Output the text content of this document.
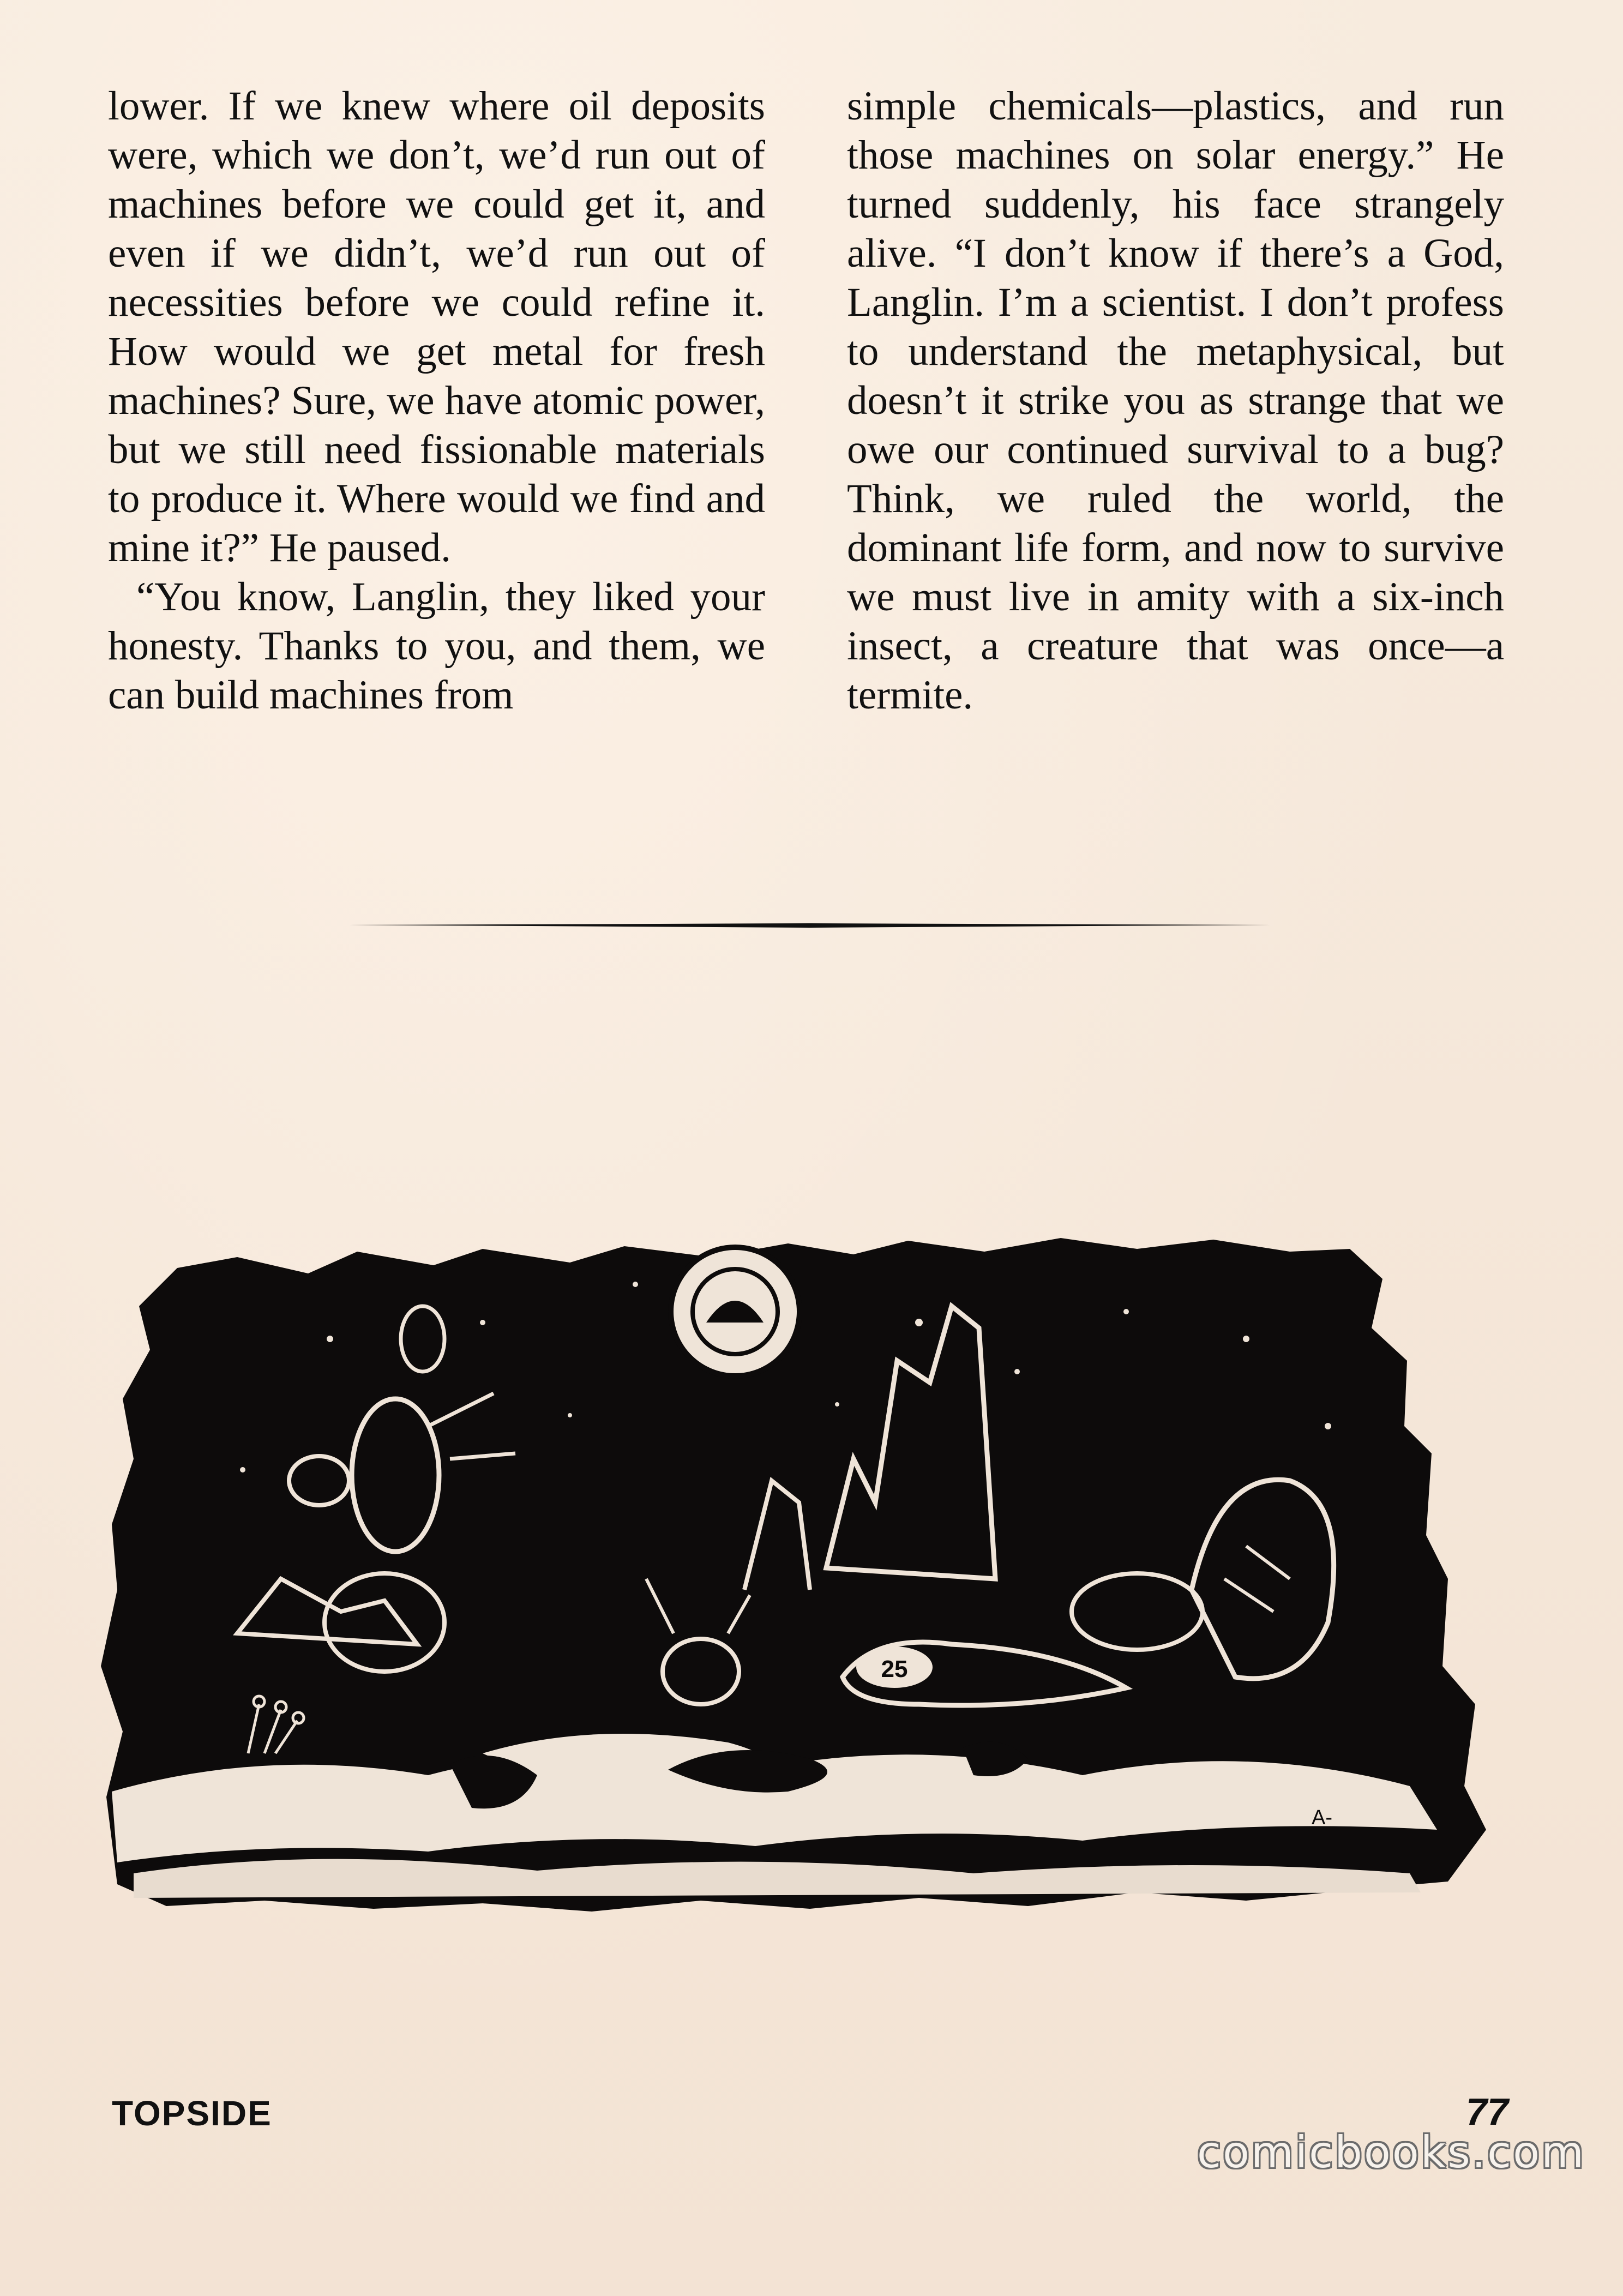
lower. If we knew where oil deposits were, which we don’t, we’d run out of machines before we could get it, and even if we didn’t, we’d run out of necessities before we could refine it. How would we get metal for fresh machines? Sure, we have atomic power, but we still need fissionable materials to produce it. Where would we find and mine it?” He paused.

“You know, Langlin, they liked your honesty. Thanks to you, and them, we can build machines from

simple chemicals—plastics, and run those machines on solar energy.” He turned suddenly, his face strangely alive. “I don’t know if there’s a God, Langlin. I’m a scientist. I don’t profess to understand the metaphysical, but doesn’t it strike you as strange that we owe our continued survival to a bug? Think, we ruled the world, the dominant life form, and now to survive we must live in amity with a six-inch insect, a creature that was once—a termite.

25
A-
TOPSIDE	77
comicbooks.com
